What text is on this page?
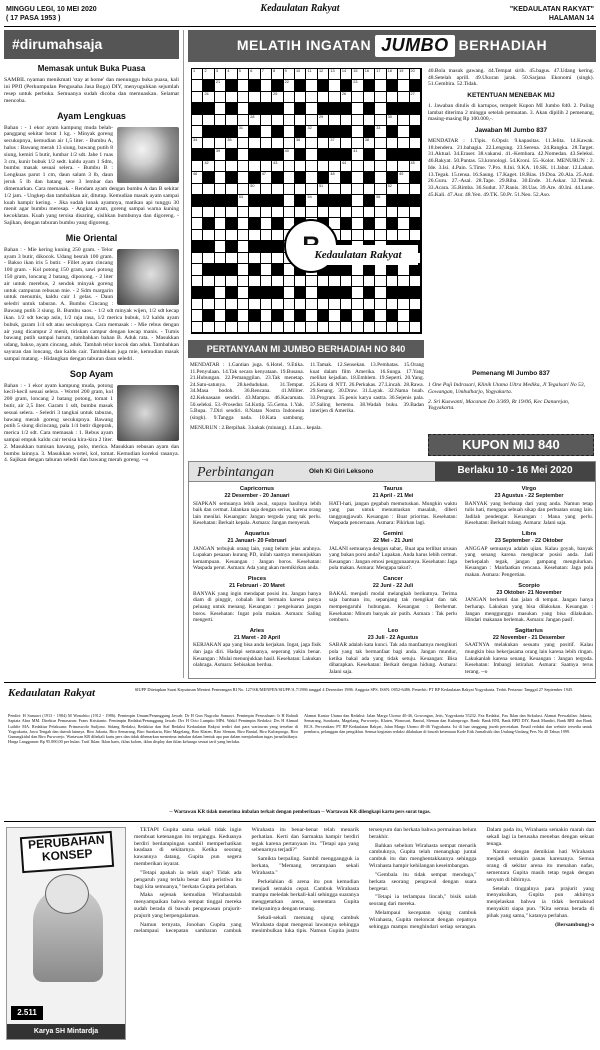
MINGGU LEGI, 10 MEI 2020
( 17 PASA 1953 )
Kedaulatan Rakyat	"KEDAULATAN RAKYAT"
HALAMAN 14
#dirumahsaja
Memasak untuk Buka Puasa

SAMBIL nyaman menikmati 'stay at home' dan menunggu buka puasa, kali ini PPJI (Perkumpulan Pengusaha Jasa Boga) DIY, menyuguhkan sejumlah resep untuk perbuka. Semuanya sudah dicoba dan memuaskan. Selamat mencoba.

Ayam Lengkuas

Bahan : - 1 ekor ayam kampung muda belah-panggang sekitar berat 1 kg. - Minyak goreng secukupnya, kemudian air 1,5 liter. - Bumbu A, halus : Bawang merah 13 siung, bawang putih 8 siung, kemiri 5 butir, lumbar 1/2 sdt. Jahe 1 ruas 3 cm, kunir bubuk 1/2 sedt. kaldu ayam 1 Sdm, bumbu masak sesuai selera. - Bumbu B : Lengkuas parut 1 cm, daun salam 3 lb, daun jeruk 5 lb dan batang sere 3 lembar dan dimemarkan. Cara memasak. - Rendam ayam dengan bumbu A dan B sekitar 1/2 jam. - Ungkep dan tambahkan air, ditutup. Kemudian masak ayam sampai kuah hampir kering. - Jika sudah lunak ayamnya, matikan api tunggu 30 menit agar bumbu meresap. - Angkat ayam, goreng sampai warna kuning kecoklatan. Kuah yang tersisa disaring, sisihkan bumbunya dan digoreng. - Sajikan, dengan taburan bumbu yang digoreng.

Mie Oriental

Bahan : - Mie kering kuning 250 gram. - Telor ayam 3 butir, dikocok. Udang besrah 100 gram. - Bakso ikan iris 5 butir. - Fillet ayam cincang 100 gram. - Kol potong 150 gram, sawi potong 150 gram, loncang 2 batang, diponong. - 2 liter air untuk merebus, 2 sendok minyak goreng untuk campuran rebusan mie. - 2 Sdm margarin untuk menumis, kaldu cair 1 gelas. - Daun seledri untuk taburan. A. Bumbu Cincang : Bawang putih 3 siung. B. Bumbu saos. - 1/2 sdt minyak wijen, 1/2 sdt kecap ikan. 1/2 sdt kecap asin, 1/2 raja rasa, 1/2 merica bubuk, 1/2 kaldu ayam bubuk, garam 1/4 sdt atau secukupnya. Cara memasak : - Mie rebus dengan air yang dicampur 2 menit, tiriskan campur dengan kecap manis. - Tumis bawang putih sampai harum, tambahkan bahan B. Aduk rata. - Masukkan udang, bakso, ayam cincang, aduk. Tambah telor kocok dan aduk. Tambahkan sayuran dan loncang, dan kaldu cair. Tambahkan juga mie, kemudian masak sampai matang. - Hidangkan dengan taburan daun seledri.

Sop Ayam

Bahan : - 1 ekor ayam kampung muda, potong kecil-kecil sesuai selera. - Wortel 200 gram, kol 200 gram, loncang 2 batang potong, tomat 1 butir, air 2,5 liter. Garam 1 sdt, bumbu masak sesuai selera. - Seledri 3 tangkai untuk taburan, bawang merah goreng secukupnya. Bawang putih 5 siung dicincang, pala 1/4 butir digeprak, merica 1/2 sdt. Cara memasak : 1. Rebus ayam sampai empuk kaldu cair tersisa kira-kira 2 liter. 2. Masukkan tumisan bawang, polo, merica. Masukkan rebusan ayam dan bumbu lainnya. 3. Masukkan wortel, kol, tomat. Kemudian koreksi rasanya. 4. Sajikan dengan taburan seledri dan bawang merah goreng. --o

MELATIH INGATAN JUMBO BERHADIAH
1 2 3 4 5 6 7 8 9 10 11 12 13 14 15 16 17 18 19 20
21	22	23
24	25	26	27
28	29	30
31	32	33
34	35	36	37	38
39	40	41
42	43	44	45
46	47	48	49
50	51	52
53	54	55
Kedaulatan Rakyat

40.Bola masuk gawang. 44.Tempat sirih. 45.bagus. 47.Udang kering. 48.Setelah aprill. 49.Ukuran jarak. 50.Sarjana Ekonomi (singk). 51.Gembira. 52.Tidak.

KETENTUAN MENEBAK MIJ

1. Jawaban ditulis di kartupos, tempelt Kupon MI Jumbo 840. 2. Paling lambat diterima 2 minggu setelah pemuatan. 3. Akan dipilih 2 pemenang, masing-masing Rp 100.000,-.

Jawaban MI Jumbo 837

MENDATAR : 1.Tipis. 6.Opsir. 9.kapasitas. 11.Jelita. 14.Kawak. 18.bendera. 21.bahagia. 22.Lengung. 23.Serena. 24.Rangka. 28.Target. 31.Aktual. 34.Eraser. 38.vakansi. 41.-Kembara. 42.Nomedan. 43.Seleksi. 46.Rakyat. 50.Pantas. 53.kronologi. 54.Kroni. 55.-Kolot. MENURUN : 2. Ide. 3.Isi. 4.Pain. 5.Time. 7.Pro. 8.Ini. 9.KA. 10.SK. 11.Jabar. 12.Lahan. 13.Tegak. 15.tensa. 16.Saung. 17.Kaget. 18.Bias. 19.Doa. 20.Ala. 25.Anti. 26.Guru. 27.-Asal. 28.Tape. 29.Riba. 30.Ende. 31.Askar. 32.Temak. 33.Acara. 35.Rimba. 36.Sudut. 37.Ranis. 38.Uas. 39.Are. 40.Ini. 44.Lone. 45.Kali. 47.Aur. 48.Yen. 49.TK. 50.Pr. 51.Neo. 52.Aso.

PERTANYAAN MI JUMBO BERHADIAH NO 840
MENDATAR : 1.Gantian juga. 6.Hotel. 9.Etika. 11.Penyulaan. 14.Tak secara kenyataan. 19.Busana. 21.Hubungan. 22.Pemanggilan. 23.Tak menetap. 24.Satu-satunya. 28.kedudukan. 31.Tempat. 34.Masa bodoh. 36.Rencana. 41.Militer. 42.Kekuasaan sendiri. 43.Mampu. 46.Kacamata. 50.seleksi. 53.-Prosedur. 54.Kutip. 55.Gema. 1.Yak. 5.Bupa. 7.Diri sendiri. 8.Natan Nostra Indonesia (singk). 9.Tangga nada. 10.Kata sambung. 11.Tamak. 12.Sensekan. 13.Pembatas. 15.Orang kuat dalam film Amerika. 16.Sunga. 17.Yang melihat kejadian. 18.Emblem. 19.Seperti. 20.Yang. 25.Kota di NTT. 26.Perkakas. 27.Lincah. 28.Rawa. 29.Senang. 30.Draw. 31.Layak. 32.Nama buah. 33.Program. 35.penis karya sastra. 36.Sejenis pala. 37.Saling bertemu. 38.Wadah buku. 39.Badan interijen di Amerika.
MENURUN : 2.Berpihak. 3.kakak (minang). 4.Lan... kepala.
Pemenang MI Jumbo 837

1 One Puji Indrasari, Klinik Utama Ultra Medika, Jl Tegalsari No 53, Gowangan, Umbulharjo, Yogyakarta.

2. Sri Kuswanti, Macanan Dn 3/369, Rt 19/06, Kec Danurejan, Yogyakarta.

KUPON MIJ 840
Perbintangan	Oleh Ki Giri Leksono	Berlaku 10 - 16 Mei 2020
Capricornus
22 Desember - 20 Januari
SIAPKAN semuanya lebih awal, supaya hasilnya lebih baik dan cermat. Jalankan saja dengan serius, karena orang lain menilai. Keuangan: Jangan tergoda yang tak perlu. Kesehatan: Berkait kepala. Asmara: Jangan menyerah.
Aquarius
21 Januari- 20 Februari
JANGAN terbujuk orang lain, yang belum jelas arahnya. Lupakan pesaaan kurang PD, inilah saatnya menunjukkan kemampuan. Keuangan : Jangan boros. Kesehatan: Waspada perut. Asmara: Ada yang akan memikirkan anda.
Pisces
21 Februari - 20 Maret
BANYAK yang ingin mendapat posisi itu. Jangan hanya diam di pinggir, cobalah ikut bermain karena punya peluang untuk menang. Keuangan : pengeluaran jangan boros. Kesehatan: Ingat pola makan. Asmara: Saling mengerti.
Aries
21 Maret - 20 April
KERJAKAN apa yang bisa anda kerjakan. Ingat, jaga fisik dan jaga diri. Hadapi semuanya, seperang yakin benar. Keuangan : Mulai menunjukkan hasil. Kesehatan: Lakukan olahraga. Asmara: Sebisakan berdua.
Taurus
21 April - 21 Mei
HATI-hati, jangan gegabah memutuskan. Mungkin waktu yang pas untuk menuntaskan masalah, diberi tanggungjawab. Keuangan : Buat prioritas. Kesehatan: Waspada pencernaan. Asmara: Pikirkan lagi.
Gemini
22 Mei - 21 Juni
JALANI semuanya dengan sabar,. Buat apa terlibat urusan yang bukan porsi anda? Lupakan. Anda harus lebih cermat. Keuangan : Jangan emosi penggunaannya. Kesehatan: Jaga pola makan. Asmara: Mengapa takut?.
Cancer
22 Juni - 22 Juli
BAKAL menjadi modal melangkah berikutnya. Terima saja bantuan itu, sepanjang tak mengikat dan tak mempengaruhi hubungan. Keuangan : Berhemat. Kesehatan: Minum banyak air putih. Asmara : Tak perlu cemburu.
Leo
23 Juli - 22 Agustus
SABAR adalah kata kunci. Tak ada manfaatnya mengikuti pola yang tak bermanfaat bagi anda. Jangan mundur, ketika bakal ada yang tidak setuju. Keuangan: Bisa diharapkan. Kesehatan: Berkait dengan hidung. Asmara: Jalani saja.
Virgo
23 Agustus - 22 September
BANYAK yang berharap dari yang anda. Namun tetap tulis hati, mengapa sebuah sikap dan perbuatan orang lain. Jadilah pendengar. Keuangan : Mana yang perlu. Kesehatan: Berkait tulang. Asmara: Jalani saja.
Libra
23 September - 22 Oktober
ANGGAP semuanya adalah ujian. Kalau goyah, banyak yang senang karena mengincar posisi anda. Jadi berkepalah tegak, jangan gampang mengulurkan. Keuangan : Manfaatkan rencana. Kesehatan: Jaga pola makan. Asmara: Pengertian.
Scorpio
23 Oktober- 21 November
JANGAN berhenti dan jalan di tempat. Jangan hanya berharap. Lakukan yang bisa dilakukan. Keuangan : Jangan menggunggu masukan yang bisa dilakukan. Hindari makanan berlemak. Asmara: Jangan pasif.
Sagitarius
22 November - 21 Desember
SAATNYA melakukan sesuatu yang positif. Kalau mungkin bisa bekerjasama orang lain karena lebih ringan. Lakukanlah karena senang. Keuangan : Jangan tergoda. Kesehatan: Imbangi istirahat. Asmara: Saatnya terus terang. --o
Kedaulatan Rakyat	SIUPP Ditetapkan Surat Keputusan Menteri Penerangan RI No. 127/SK/MENPEN/SIUPP/A.7/1986 tanggal 4 Desember 1986. Anggota SPS. ISSN: 0852-6486. Penerbit: PT BP Kedaulatan Rakyat Yogyakarta. Terbit Pertama: Tanggal 27 September 1945.
Pendiri: H Samawi (1913 - 1984) M Wonohito (1912 - 1986). Pemimpin Umum/Penanggung Jawab: Dr H Gun Nugroho Samawi. Pemimpin Perusahaan: Ir H Rahadi Saptata Abra MM. Direktur Pemasaran: Frans Kristianto. Pemimpin Redaksi/Penanggung Jawab: Drs H Octo Lampito MPd. Wakil Pemimpin Redaksi: Drs H Ahmad Luthfie MA. Redaktur Pelaksana: Primaswolo Sudjono. Sidang Redaksi, Redaktur dan Staf Redaksi Kedaulatan Rakyat terdiri dari para wartawan yang tersebar di Yogyakarta, Jawa Tengah dan daerah lainnya. Biro Jakarta, Biro Semarang, Biro Surakarta, Biro Magelang, Biro Klaten, Biro Sleman, Biro Bantul, Biro Kulonprogo, Biro Gunungkidul dan Biro Purworejo. Wartawan KR dibekali kartu pers dan tidak dibenarkan menerima imbalan dalam bentuk apa pun dalam menjalankan tugas jurnalistiknya. Harga Langganan: Rp 95.000,00 per bulan. Tarif Iklan: Iklan baris, iklan kolom, iklan display dan iklan keluarga sesuai tarif yang berlaku.
Alamat Kantor Utama dan Redaksi: Jalan Margo Utomo 40-46, Gowongan, Jetis, Yogyakarta 55232. Fax Redaksi, Fax Iklan dan Sirkulasi. Alamat Perwakilan: Jakarta, Semarang, Surakarta, Magelang, Purworejo, Klaten, Wonosari, Bantul, Sleman dan Kulonprogo. Bank: Bank BNI, Bank BPD DIY, Bank Mandiri, Bank BRI dan Bank BCA. Percetakan: PT BP Kedaulatan Rakyat, Jalan Margo Utomo 40-46 Yogyakarta. Isi di luar tanggung jawab percetakan. Email redaksi dan website tersedia untuk pembaca, pelanggan dan pengiklan. Semua kegiatan redaksi dilakukan di bawah ketentuan Kode Etik Jurnalistik dan Undang-Undang Pers No 40 Tahun 1999.
-- Wartawan KR tidak menerima imbalan terkait dengan pemberitaan -- Wartawan KR dilengkapi kartu pers surat tugas.
PERUBAHAN KONSEP
2.511
Karya SH Mintardja

TETAPI Gupita sama sekali tidak ingin membuat ketenangan itu terganggu. Keduanya berdiri berdampingan sambil memperhatikan keadaan di sekitarnya. Ketika seorang kawannya datang, Gupita pun segera memberikan isyarat.

"Tetapi apakah ia telah siap? Tidak ada pengaruh yang terlalu besar dari peristiwa itu bagi kita semuanya," berkata Gupita perlahan.

Maka sejenak kemudian Wirahastalah menyampaikan bahwa tempat tinggal mereka sudah berada di bawah pengawasan prajurit-prajurit yang berpengalaman.

Namun ternyata, Jonohan Gupita yang melampaui kecepatan sambaran cambuk Wirahasta itu benar-benar telah menarik perhatian. Kerti dan Sarmakta hampir berdiri tegak karena pertanyaan itu. "Tetapi apa yang sebenarnya terjadi?"

Samikta berpaling. Sambil menggangguk ia berkata, "Memang tetrampaan sekali Wirahasta."

Perkelahian di arena itu pun kemudian menjadi semakin cepat. Cambuk Wirahasta mampu meledak berkali-kali sehingga suaranya menggetarkan arena, sementara Gupita melayaninya dengan tenang.

Sekali-sekali memang ujung cambuk Wirahasta dapat mengenai lawannya sehingga menimbulkan luka tipis. Namun Gupita justru tersenyum dan berkata bahwa permainan belum berakhir.

Bahkan sebelum Wirahasta sempat menarik cambuknya, Gupita telah menangkap juntai cambuk itu dan menghentakkannya sehingga Wirahasta hampir kehilangan keseimbangan.

"Gembala itu tidak sempat menduga," berkata seorang pengawal dengan suara bergetar.

"Tetapi ia terlampau lincah," bisik salah seorang dari mereka.

Melampaui kecepatan ujung cambuk Wirahasta, Gupita meloncat dengan cepatnya sehingga mampu menghindari setiap serangan. Dalam pada itu, Wirahasta semakin marah dan sekali lagi ia berusaha menebas dengan sekuat tenaga.

Namun dengan demikian hati Wirahasta menjadi semakin panas karenanya. Semua orang di sekitar arena itu menahan nafas, sementara Gupita masih tetap tegak dengan senyum di bibirnya.

Setelah tinggalnya para prajurit yang menyaksikan, Gupita pun akhirnya menjelaskan bahwa ia tidak bermaksud menyakiti siapa pun. "Kita semua berada di pihak yang sama," katanya perlahan.

(Bersambung)-o
